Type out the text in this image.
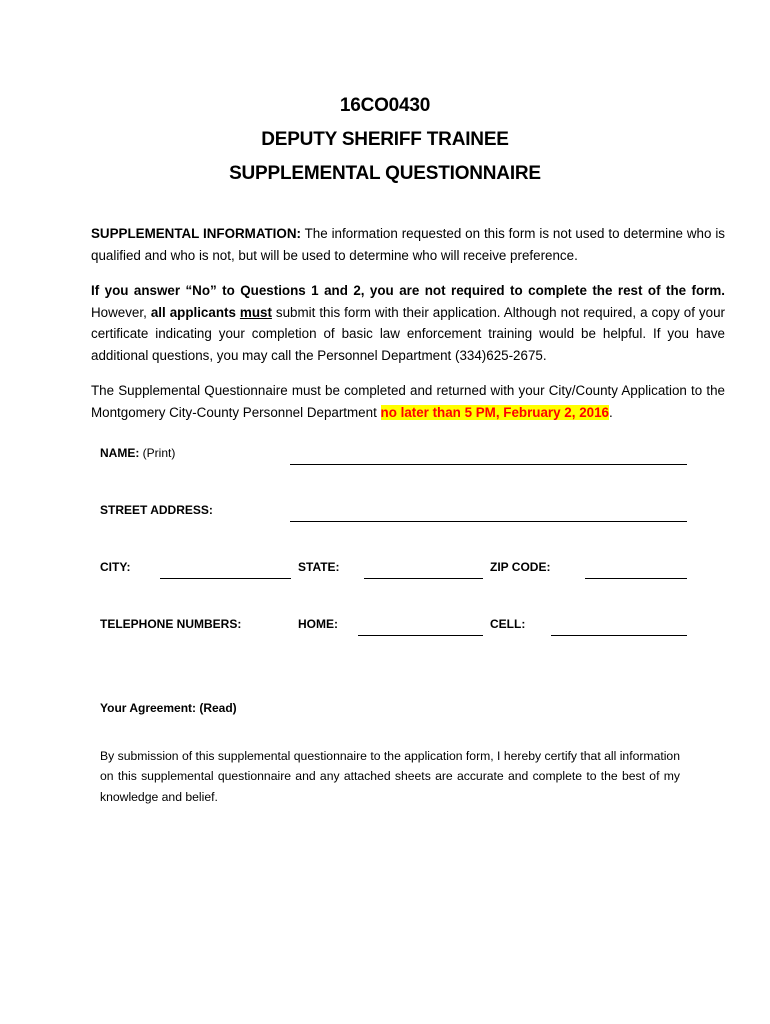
16CO0430
DEPUTY SHERIFF TRAINEE
SUPPLEMENTAL QUESTIONNAIRE
SUPPLEMENTAL INFORMATION: The information requested on this form is not used to determine who is qualified and who is not, but will be used to determine who will receive preference.
If you answer “No” to Questions 1 and 2, you are not required to complete the rest of the form. However, all applicants must submit this form with their application. Although not required, a copy of your certificate indicating your completion of basic law enforcement training would be helpful. If you have additional questions, you may call the Personnel Department (334)625-2675.
The Supplemental Questionnaire must be completed and returned with your City/County Application to the Montgomery City-County Personnel Department no later than 5 PM, February 2, 2016.
NAME: (Print)
STREET ADDRESS:
CITY:	STATE:	ZIP CODE:
TELEPHONE NUMBERS:	HOME:	CELL:
Your Agreement: (Read)
By submission of this supplemental questionnaire to the application form, I hereby certify that all information on this supplemental questionnaire and any attached sheets are accurate and complete to the best of my knowledge and belief.
